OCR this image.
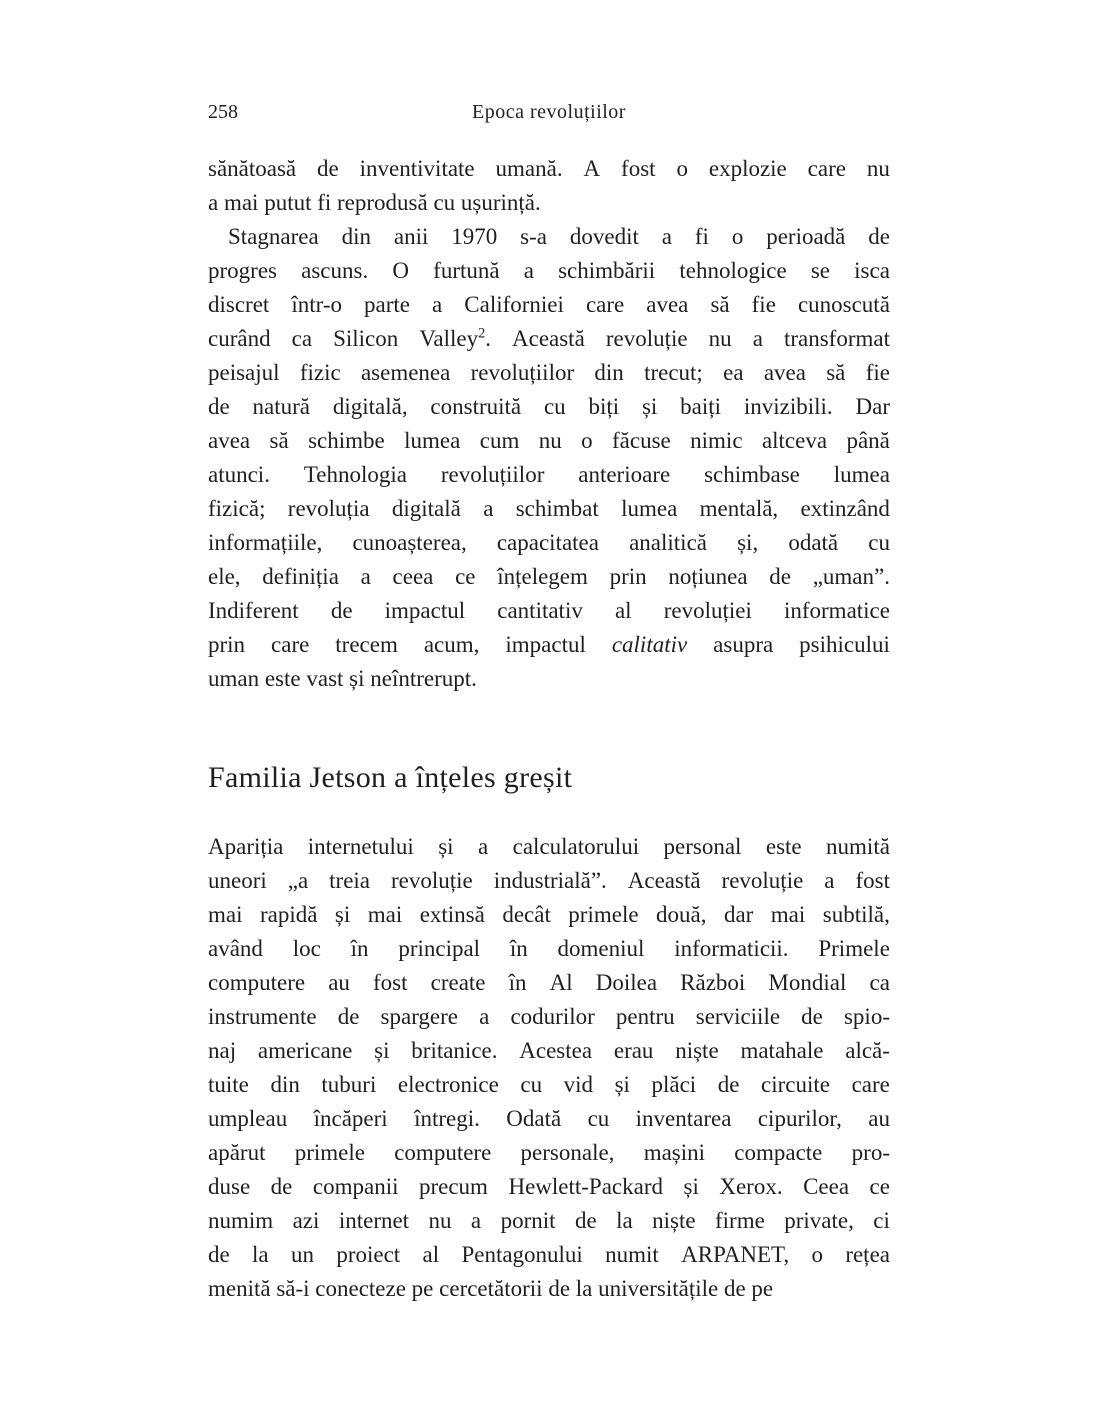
258	Epoca revoluțiilor
sănătoasă de inventivitate umană. A fost o explozie care nu
a mai putut fi reprodusă cu ușurință.
Stagnarea din anii 1970 s-a dovedit a fi o perioadă de
progres ascuns. O furtună a schimbării tehnologice se isca
discret într-o parte a Californiei care avea să fie cunoscută
curând ca Silicon Valley$^2$. Această revoluție nu a transformat
peisajul fizic asemenea revoluțiilor din trecut; ea avea să fie
de natură digitală, construită cu biți și baiți invizibili. Dar
avea să schimbe lumea cum nu o făcuse nimic altceva până
atunci. Tehnologia revoluțiilor anterioare schimbase lumea
fizică; revoluția digitală a schimbat lumea mentală, extinzând
informațiile, cunoașterea, capacitatea analitică și, odată cu
ele, definiția a ceea ce înțelegem prin noțiunea de „uman”.
Indiferent de impactul cantitativ al revoluției informatice
prin care trecem acum, impactul calitativ asupra psihicului
uman este vast și neîntrerupt.
Familia Jetson a înțeles greșit
Apariția internetului și a calculatorului personal este numită
uneori „a treia revoluție industrială”. Această revoluție a fost
mai rapidă și mai extinsă decât primele două, dar mai subtilă,
având loc în principal în domeniul informaticii. Primele
computere au fost create în Al Doilea Război Mondial ca
instrumente de spargere a codurilor pentru serviciile de spio-
naj americane și britanice. Acestea erau niște matahale alcă-
tuite din tuburi electronice cu vid și plăci de circuite care
umpleau încăperi întregi. Odată cu inventarea cipurilor, au
apărut primele computere personale, mașini compacte pro-
duse de companii precum Hewlett-Packard și Xerox. Ceea ce
numim azi internet nu a pornit de la niște firme private, ci
de la un proiect al Pentagonului numit ARPANET, o rețea
menită să-i conecteze pe cercetătorii de la universitățile de pe
